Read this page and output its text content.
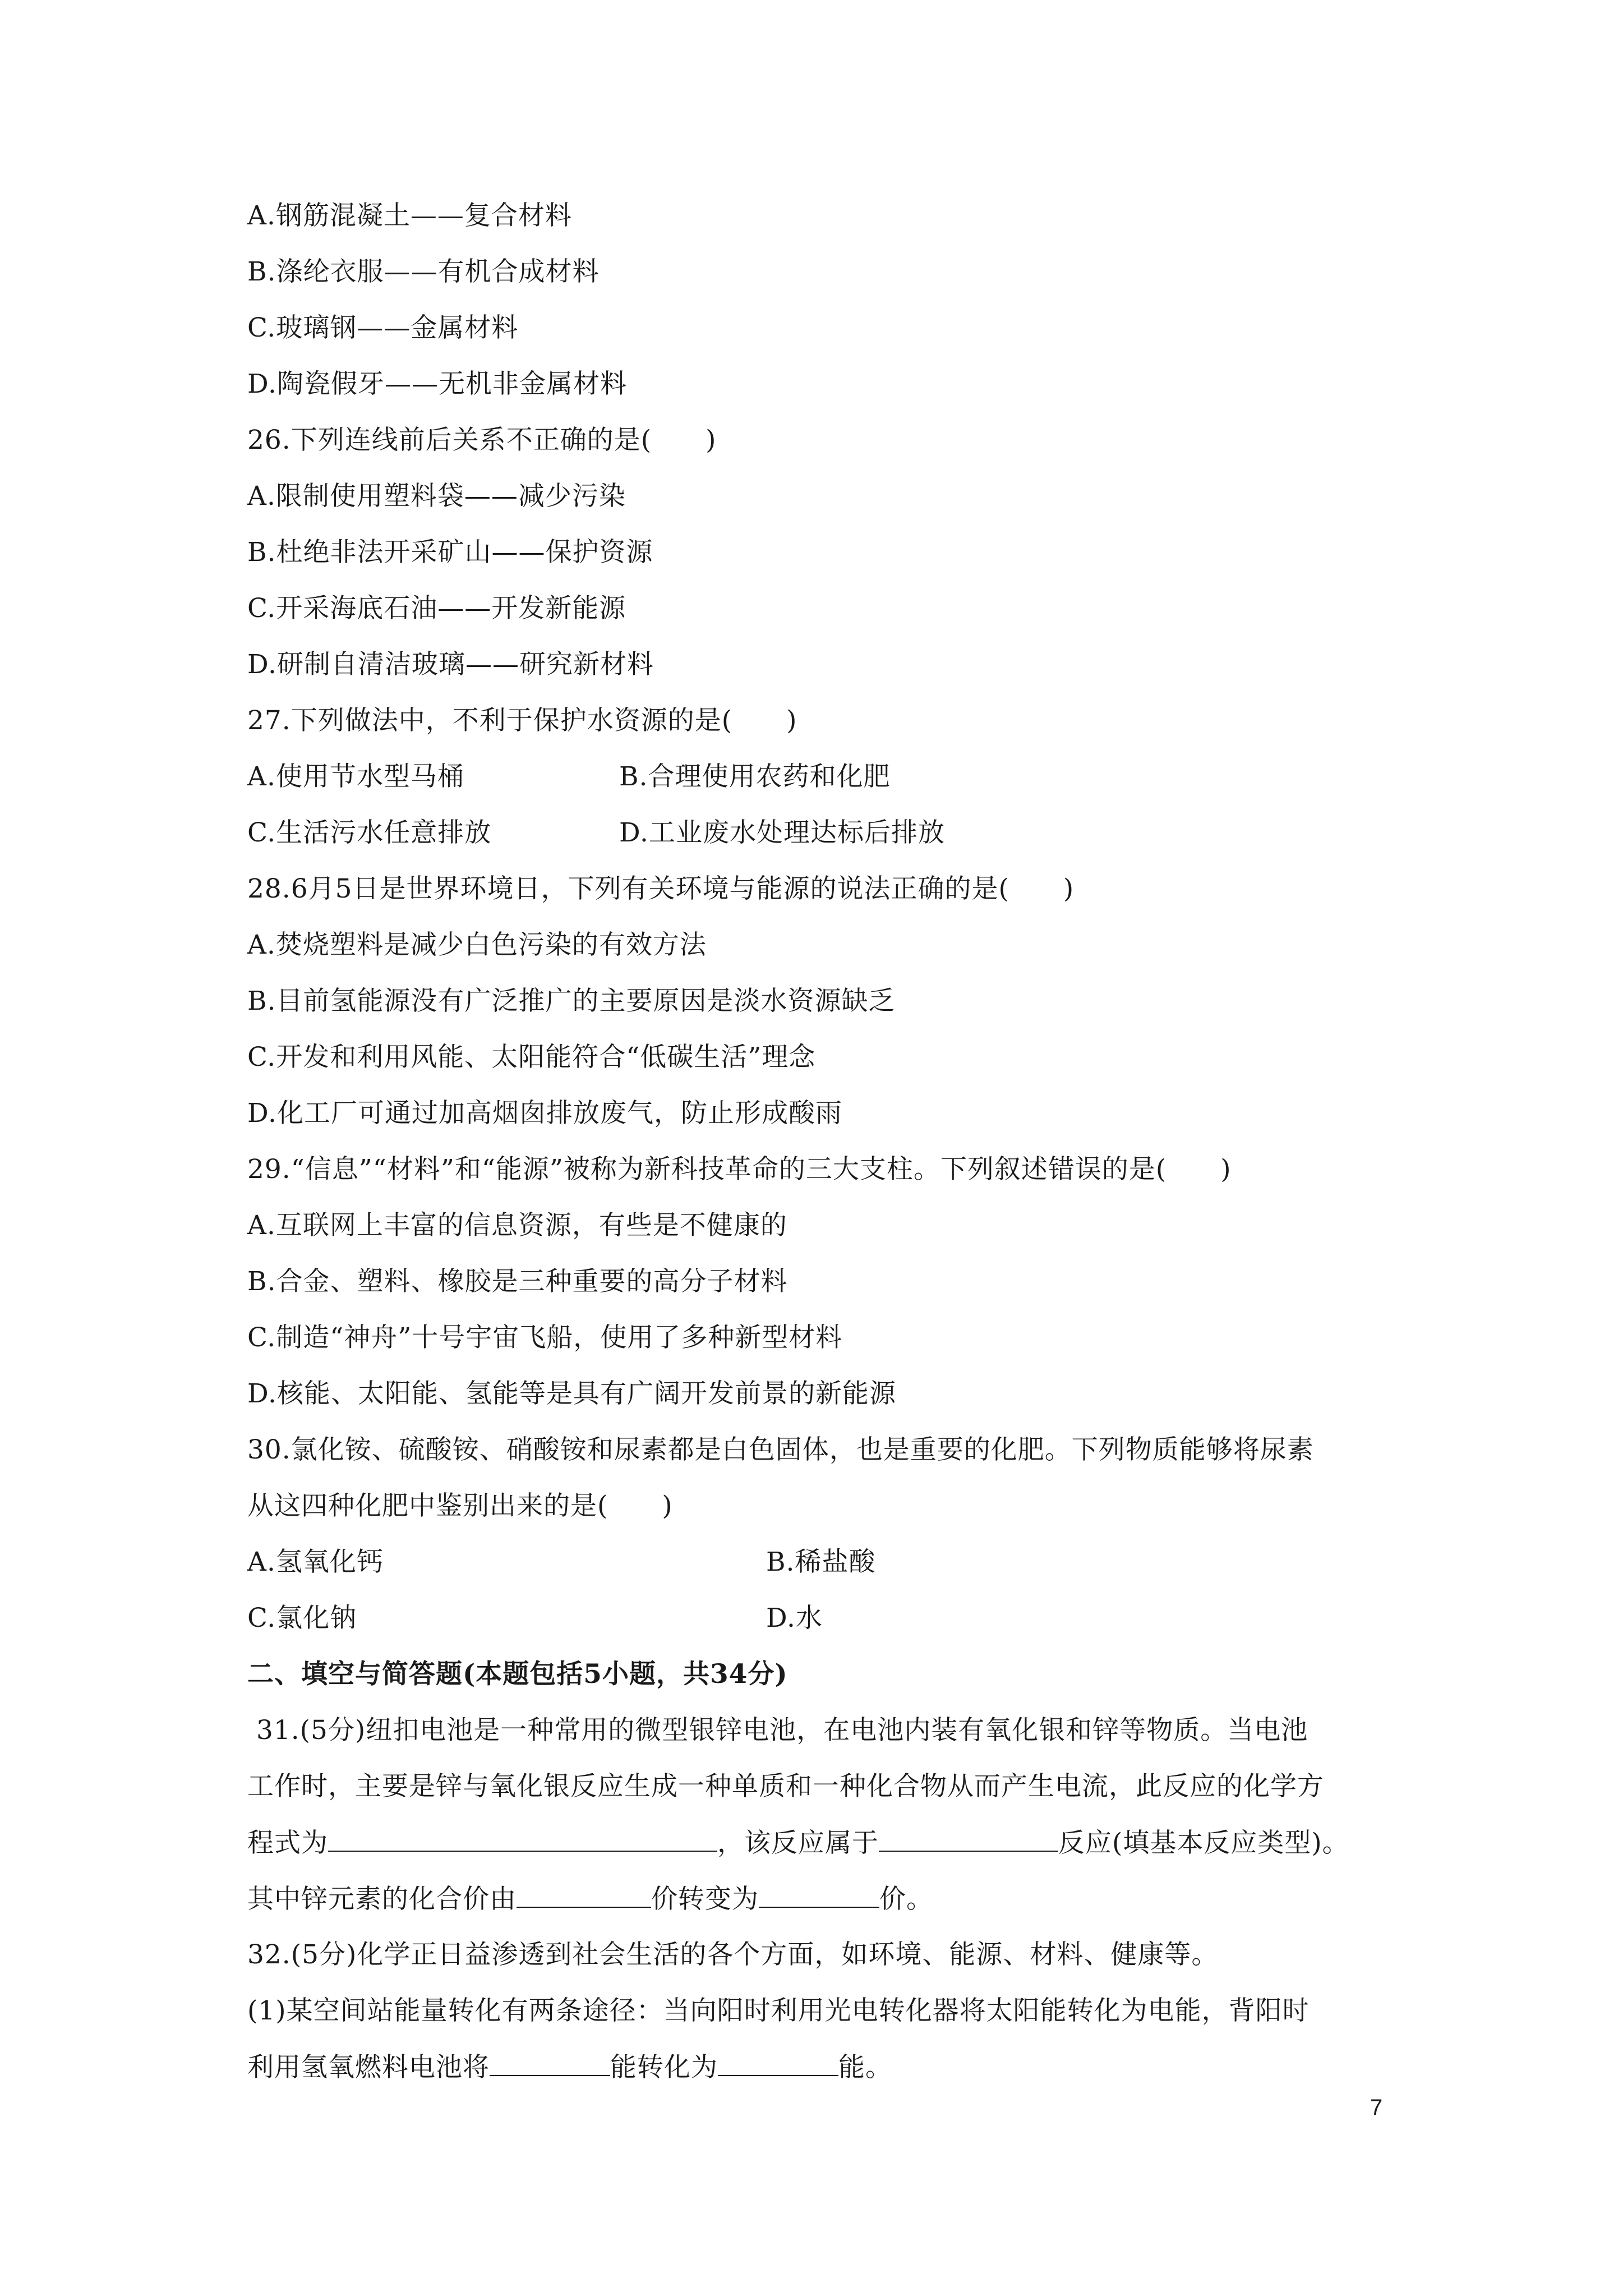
A.钢筋混凝土——复合材料
B.涤纶衣服——有机合成材料
C.玻璃钢——金属材料
D.陶瓷假牙——无机非金属材料
26.下列连线前后关系不正确的是(　　)
A.限制使用塑料袋——减少污染
B.杜绝非法开采矿山——保护资源
C.开采海底石油——开发新能源
D.研制自清洁玻璃——研究新材料
27.下列做法中，不利于保护水资源的是(　　)
A.使用节水型马桶	B.合理使用农药和化肥
C.生活污水任意排放	D.工业废水处理达标后排放
28.6月5日是世界环境日，下列有关环境与能源的说法正确的是(　　)
A.焚烧塑料是减少白色污染的有效方法
B.目前氢能源没有广泛推广的主要原因是淡水资源缺乏
C.开发和利用风能、太阳能符合“低碳生活”理念
D.化工厂可通过加高烟囱排放废气，防止形成酸雨
29.“信息”“材料”和“能源”被称为新科技革命的三大支柱。下列叙述错误的是(　　)
A.互联网上丰富的信息资源，有些是不健康的
B.合金、塑料、橡胶是三种重要的高分子材料
C.制造“神舟”十号宇宙飞船，使用了多种新型材料
D.核能、太阳能、氢能等是具有广阔开发前景的新能源
30.氯化铵、硫酸铵、硝酸铵和尿素都是白色固体，也是重要的化肥。下列物质能够将尿素
从这四种化肥中鉴别出来的是(　　)
A.氢氧化钙	B.稀盐酸
C.氯化钠	D.水
二、填空与简答题(本题包括5小题，共34分)
31.(5分)纽扣电池是一种常用的微型银锌电池，在电池内装有氧化银和锌等物质。当电池
工作时，主要是锌与氧化银反应生成一种单质和一种化合物从而产生电流，此反应的化学方
程式为	，该反应属于	反应(填基本反应类型)。
其中锌元素的化合价由	价转变为	价。
32.(5分)化学正日益渗透到社会生活的各个方面，如环境、能源、材料、健康等。
(1)某空间站能量转化有两条途径：当向阳时利用光电转化器将太阳能转化为电能，背阳时
利用氢氧燃料电池将	能转化为	能。
7
